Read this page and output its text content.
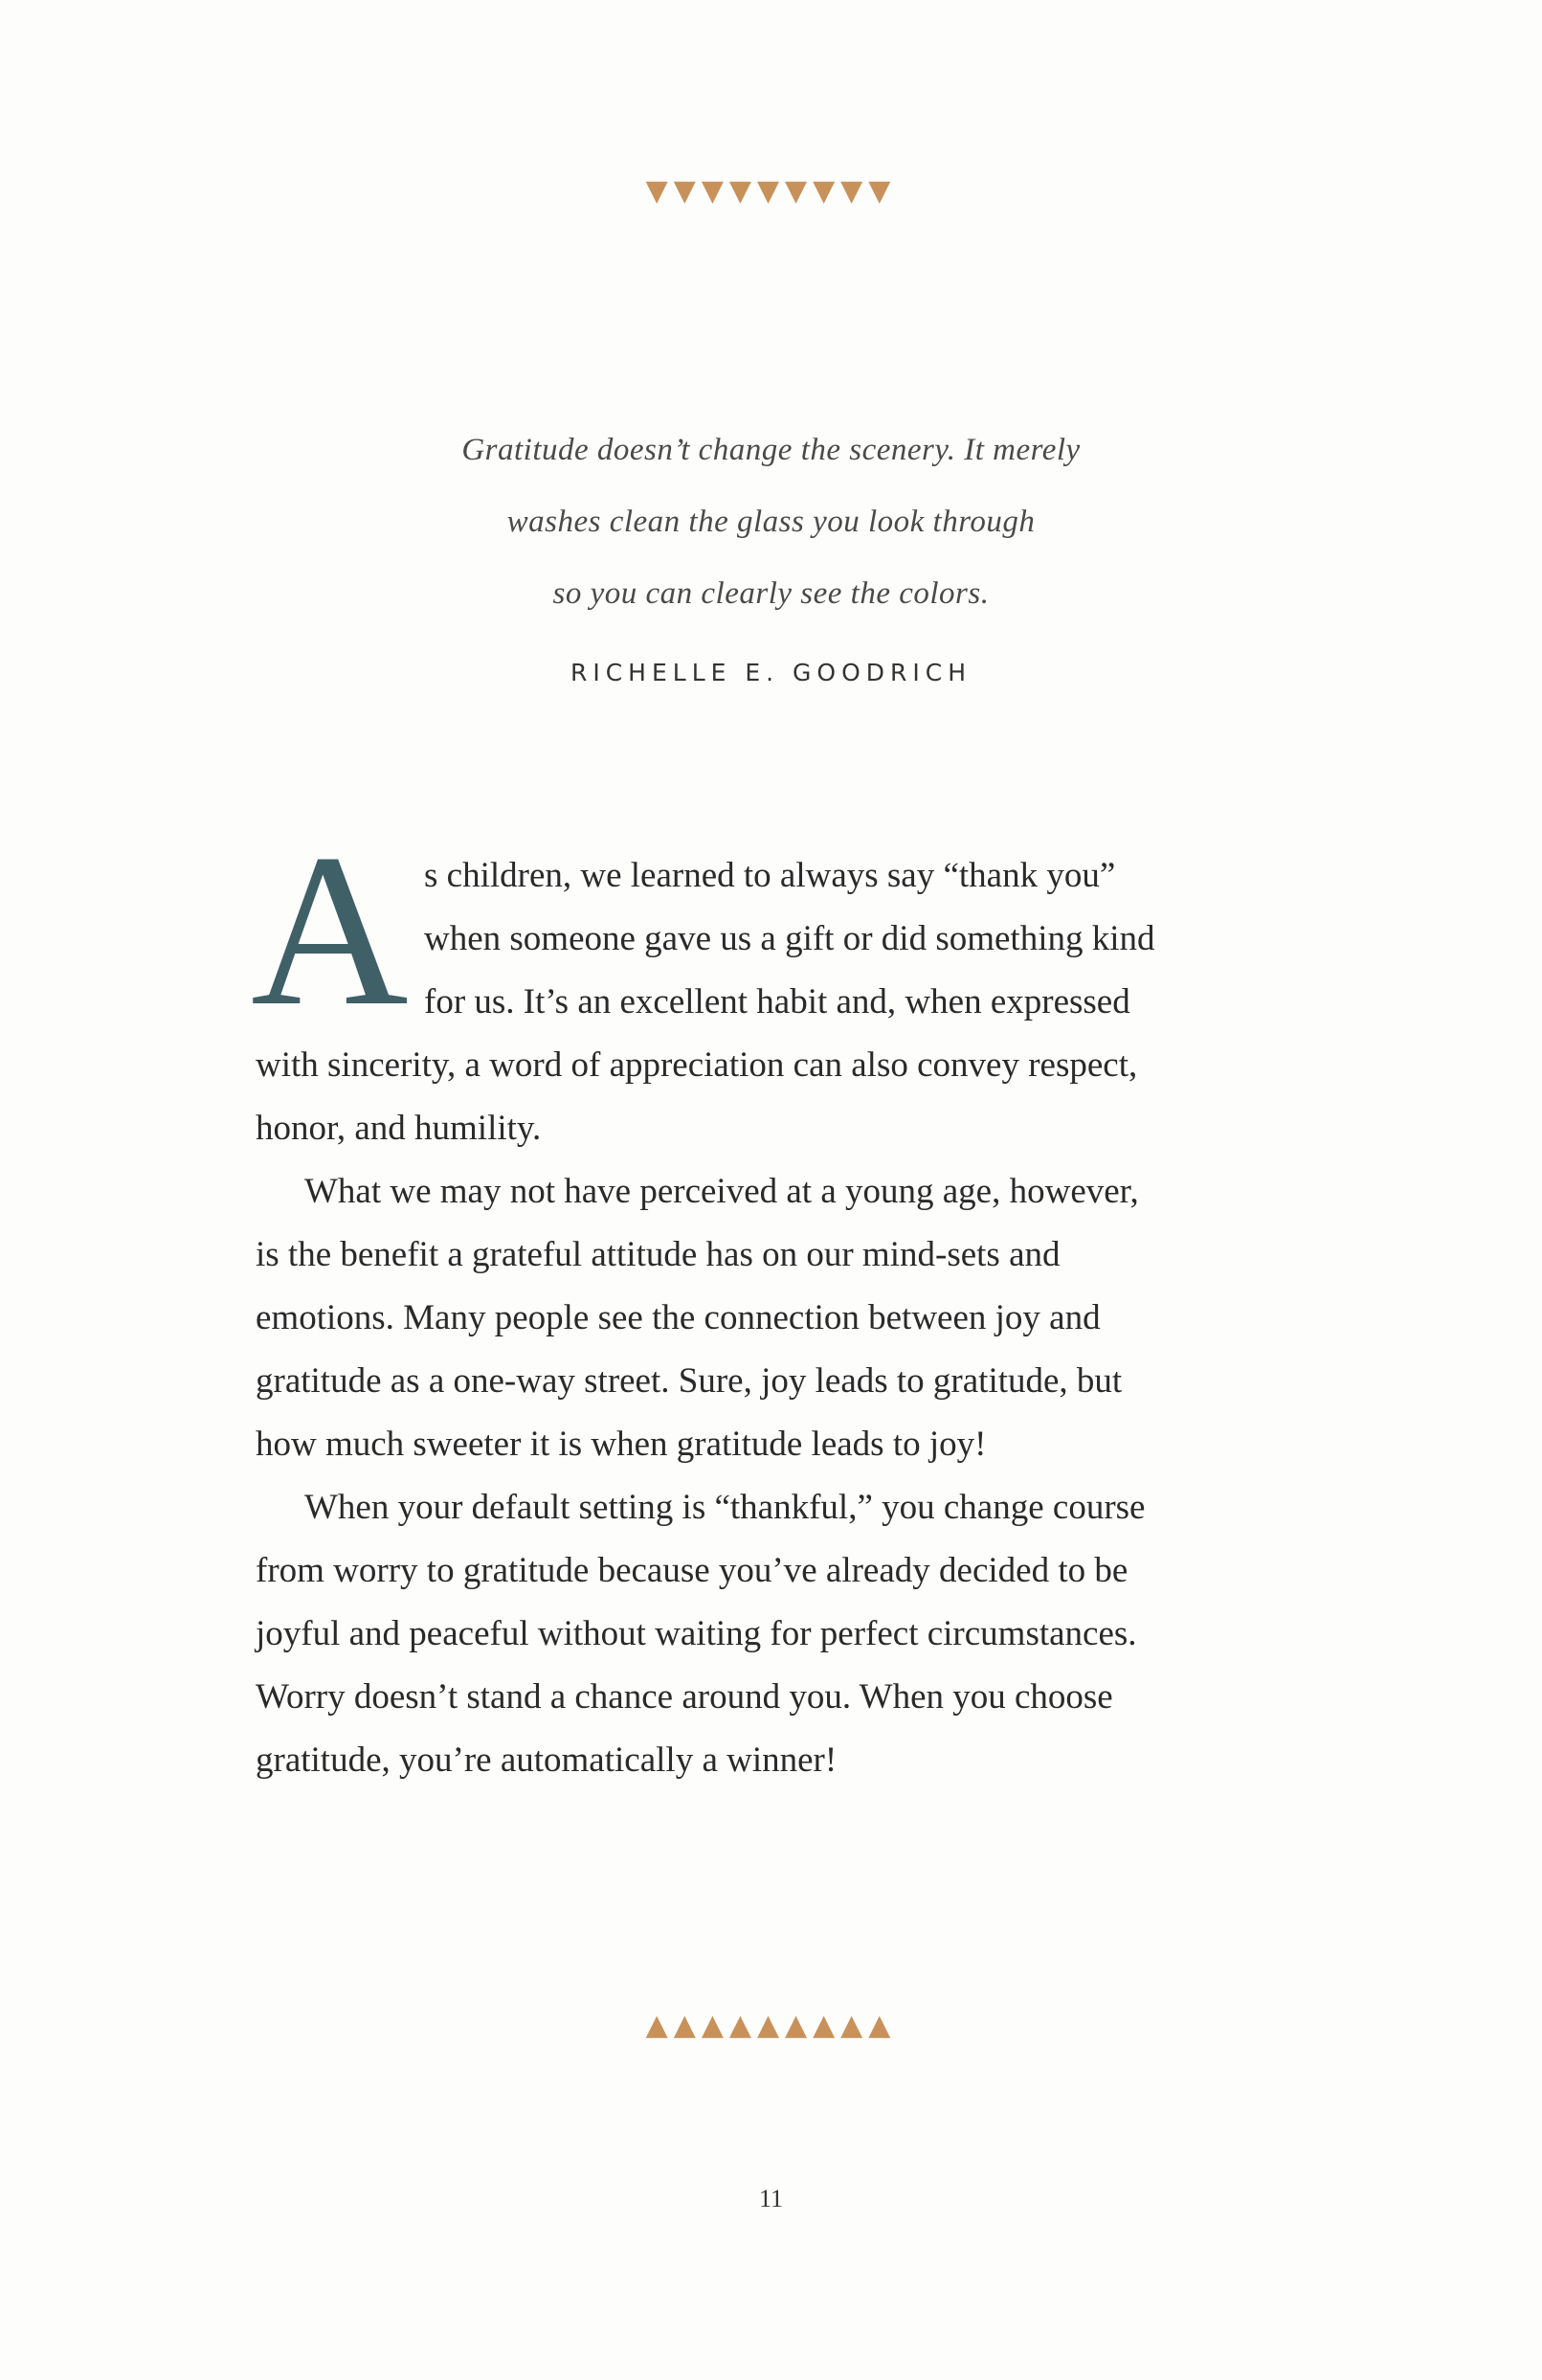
▼▼▼▼▼▼▼▼▼
Gratitude doesn’t change the scenery. It merely
washes clean the glass you look through
so you can clearly see the colors.
RICHELLE E. GOODRICH
A s children, we learned to always say “thank you”
when someone gave us a gift or did something kind
for us. It’s an excellent habit and, when expressed
with sincerity, a word of appreciation can also convey respect,
honor, and humility.
What we may not have perceived at a young age, however,
is the benefit a grateful attitude has on our mind-sets and
emotions. Many people see the connection between joy and
gratitude as a one-way street. Sure, joy leads to gratitude, but
how much sweeter it is when gratitude leads to joy!
When your default setting is “thankful,” you change course
from worry to gratitude because you’ve already decided to be
joyful and peaceful without waiting for perfect circumstances.
Worry doesn’t stand a chance around you. When you choose
gratitude, you’re automatically a winner!
▲▲▲▲▲▲▲▲▲
11
